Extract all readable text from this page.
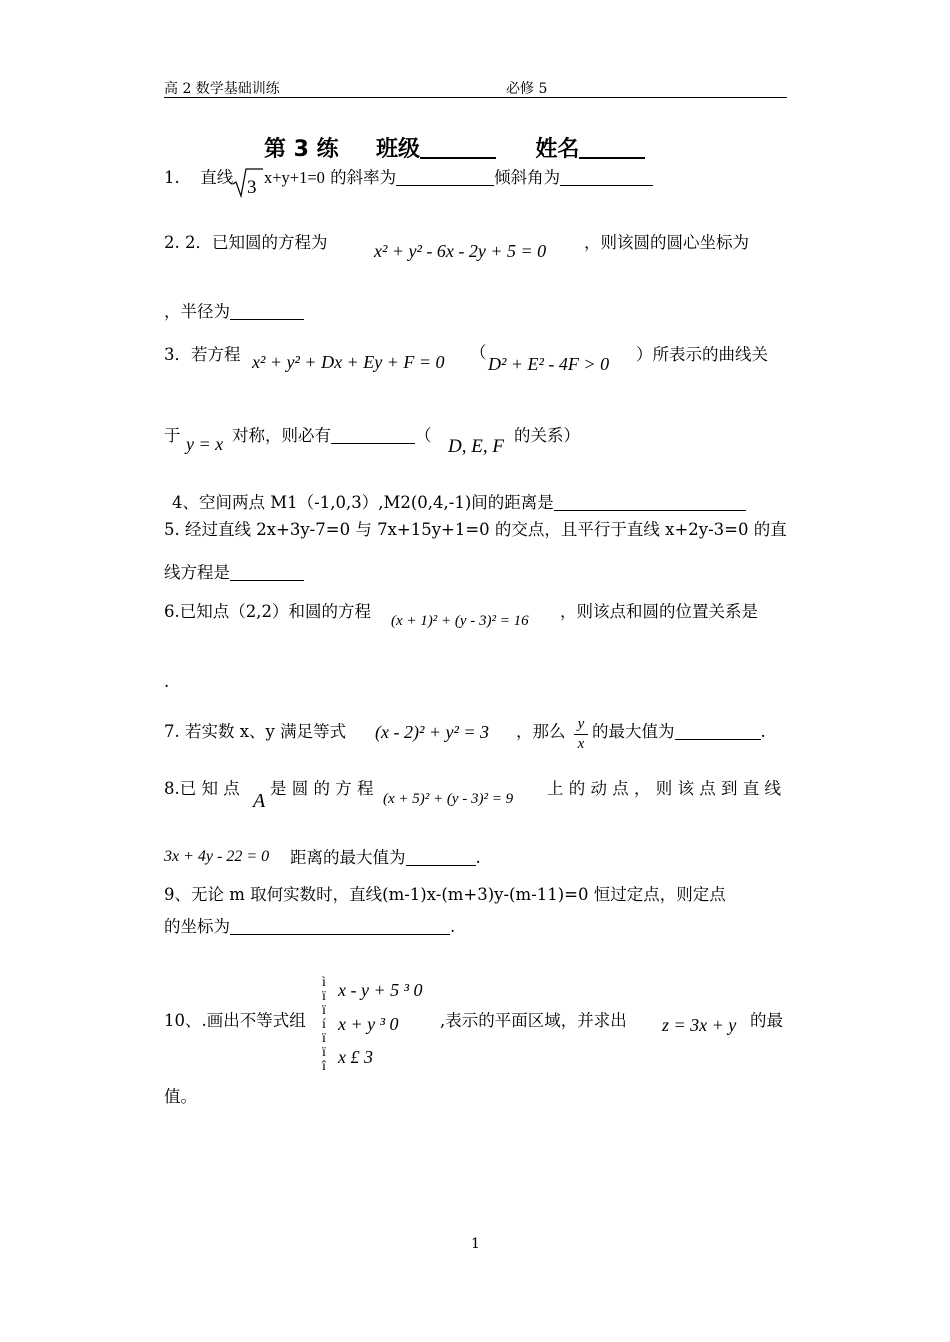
高 2 数学基础训练	必修 5
第 3 练 班级	姓名
1. 直线 3 x+y+1=0 的斜率为	倾斜角为
2. 2．已知圆的方程为	x² + y² - 6x - 2y + 5 = 0 ，则该圆的圆心坐标为
，半径为
3．若方程 x² + y² + Dx + Ey + F = 0 （
D² + E² - 4F > 0 ）所表示的曲线关
于 y = x 对称，则必有	（
D, E, F
的关系）
4、空间两点 M1（-1,0,3）,M2(0,4,-1)间的距离是
5. 经过直线 2x+3y-7=0 与 7x+15y+1=0 的交点，且平行于直线 x+2y-3=0 的直
线方程是
6.已知点（2,2）和圆的方程 (x + 1)² + (y - 3)² = 16 ，则该点和圆的位置关系是
.
7. 若实数 x、y 满足等式 (x - 2)² + y² = 3 ，那么 y
x
的最大值为	.
8.已 知 点
A
是 圆 的 方 程
(x + 5)² + (y - 3)² = 9
上 的 动 点 ， 则 该 点 到 直 线
3x + 4y - 22 = 0 距离的最大值为	.
9、无论 m 取何实数时，直线(m-1)x-(m+3)y-(m-11)=0 恒过定点，则定点
的坐标为	.
10、.画出不等式组
ì
ï
ï
í
ï
ï
î
x - y + 5 ³ 0
x + y ³ 0
x £ 3
,表示的平面区域，并求出 z = 3x + y 的最
值。
1
